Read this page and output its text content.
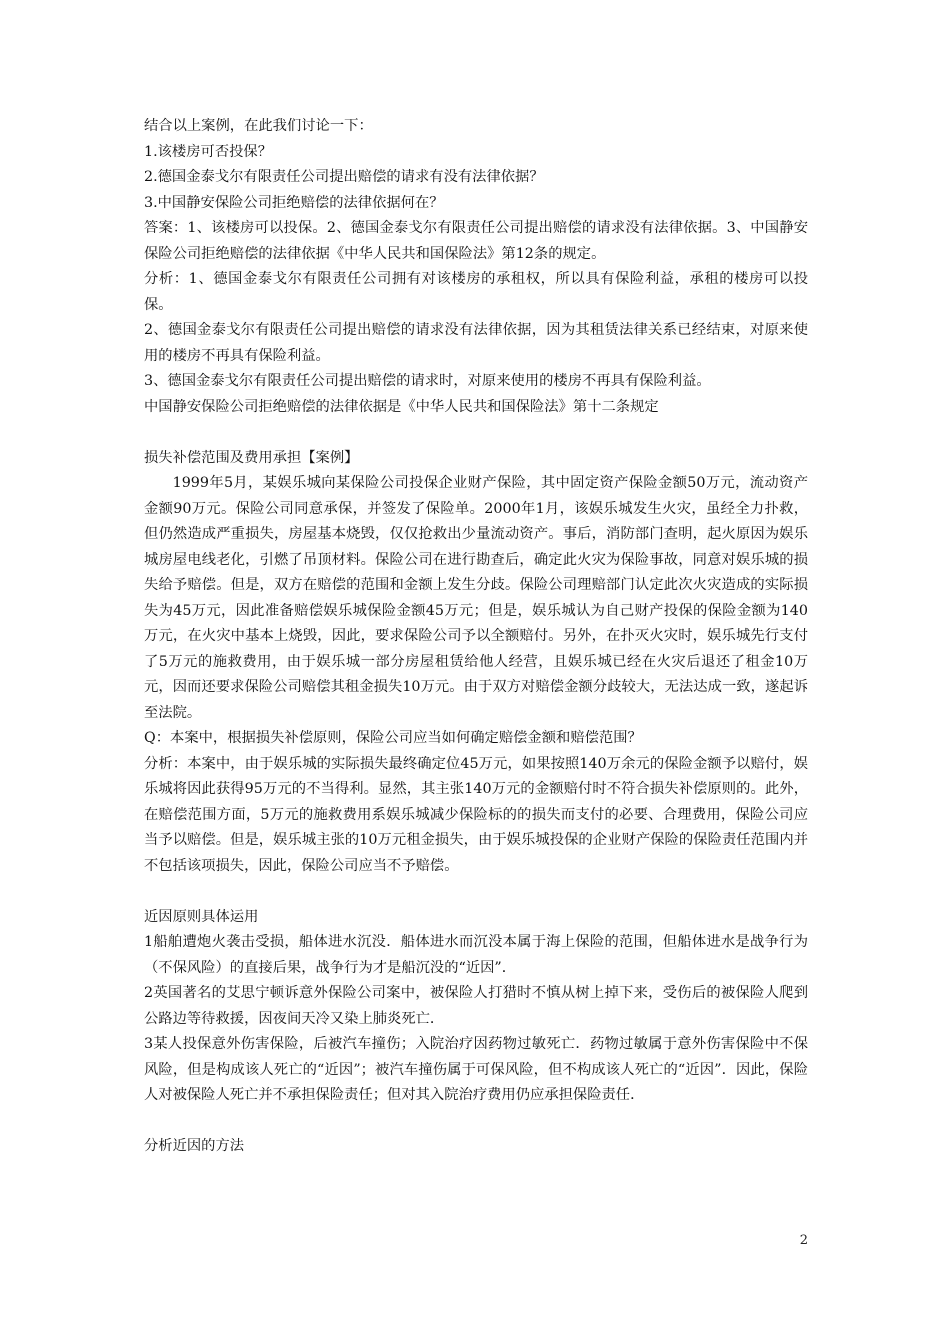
结合以上案例，在此我们讨论一下：

1.该楼房可否投保？

2.德国金泰戈尔有限责任公司提出赔偿的请求有没有法律依据？

3.中国静安保险公司拒绝赔偿的法律依据何在？

答案：1、该楼房可以投保。2、德国金泰戈尔有限责任公司提出赔偿的请求没有法律依据。3、中国静安保险公司拒绝赔偿的法律依据《中华人民共和国保险法》第12条的规定。

分析：1、德国金泰戈尔有限责任公司拥有对该楼房的承租权，所以具有保险利益，承租的楼房可以投保。

2、德国金泰戈尔有限责任公司提出赔偿的请求没有法律依据，因为其租赁法律关系已经结束，对原来使用的楼房不再具有保险利益。

3、德国金泰戈尔有限责任公司提出赔偿的请求时，对原来使用的楼房不再具有保险利益。

中国静安保险公司拒绝赔偿的法律依据是《中华人民共和国保险法》第十二条规定

损失补偿范围及费用承担【案例】

1999年5月，某娱乐城向某保险公司投保企业财产保险，其中固定资产保险金额50万元，流动资产金额90万元。保险公司同意承保，并签发了保险单。2000年1月，该娱乐城发生火灾，虽经全力扑救，但仍然造成严重损失，房屋基本烧毁，仅仅抢救出少量流动资产。事后，消防部门查明，起火原因为娱乐城房屋电线老化，引燃了吊顶材料。保险公司在进行勘查后，确定此火灾为保险事故，同意对娱乐城的损失给予赔偿。但是，双方在赔偿的范围和金额上发生分歧。保险公司理赔部门认定此次火灾造成的实际损失为45万元，因此准备赔偿娱乐城保险金额45万元；但是，娱乐城认为自己财产投保的保险金额为140万元，在火灾中基本上烧毁，因此，要求保险公司予以全额赔付。另外，在扑灭火灾时，娱乐城先行支付了5万元的施救费用，由于娱乐城一部分房屋租赁给他人经营，且娱乐城已经在火灾后退还了租金10万元，因而还要求保险公司赔偿其租金损失10万元。由于双方对赔偿金额分歧较大，无法达成一致，遂起诉至法院。

Q：本案中，根据损失补偿原则，保险公司应当如何确定赔偿金额和赔偿范围？

分析：本案中，由于娱乐城的实际损失最终确定位45万元，如果按照140万余元的保险金额予以赔付，娱乐城将因此获得95万元的不当得利。显然，其主张140万元的金额赔付时不符合损失补偿原则的。此外，在赔偿范围方面，5万元的施救费用系娱乐城减少保险标的的损失而支付的必要、合理费用，保险公司应当予以赔偿。但是，娱乐城主张的10万元租金损失，由于娱乐城投保的企业财产保险的保险责任范围内并不包括该项损失，因此，保险公司应当不予赔偿。

近因原则具体运用

1船舶遭炮火袭击受损，船体进水沉没．船体进水而沉没本属于海上保险的范围，但船体进水是战争行为（不保风险）的直接后果，战争行为才是船沉没的“近因”．

2英国著名的艾思宁顿诉意外保险公司案中，被保险人打猎时不慎从树上掉下来，受伤后的被保险人爬到公路边等待救援，因夜间天冷又染上肺炎死亡．

3某人投保意外伤害保险，后被汽车撞伤；入院治疗因药物过敏死亡．药物过敏属于意外伤害保险中不保风险，但是构成该人死亡的“近因”；被汽车撞伤属于可保风险，但不构成该人死亡的“近因”．因此，保险人对被保险人死亡并不承担保险责任；但对其入院治疗费用仍应承担保险责任．

分析近因的方法

2
